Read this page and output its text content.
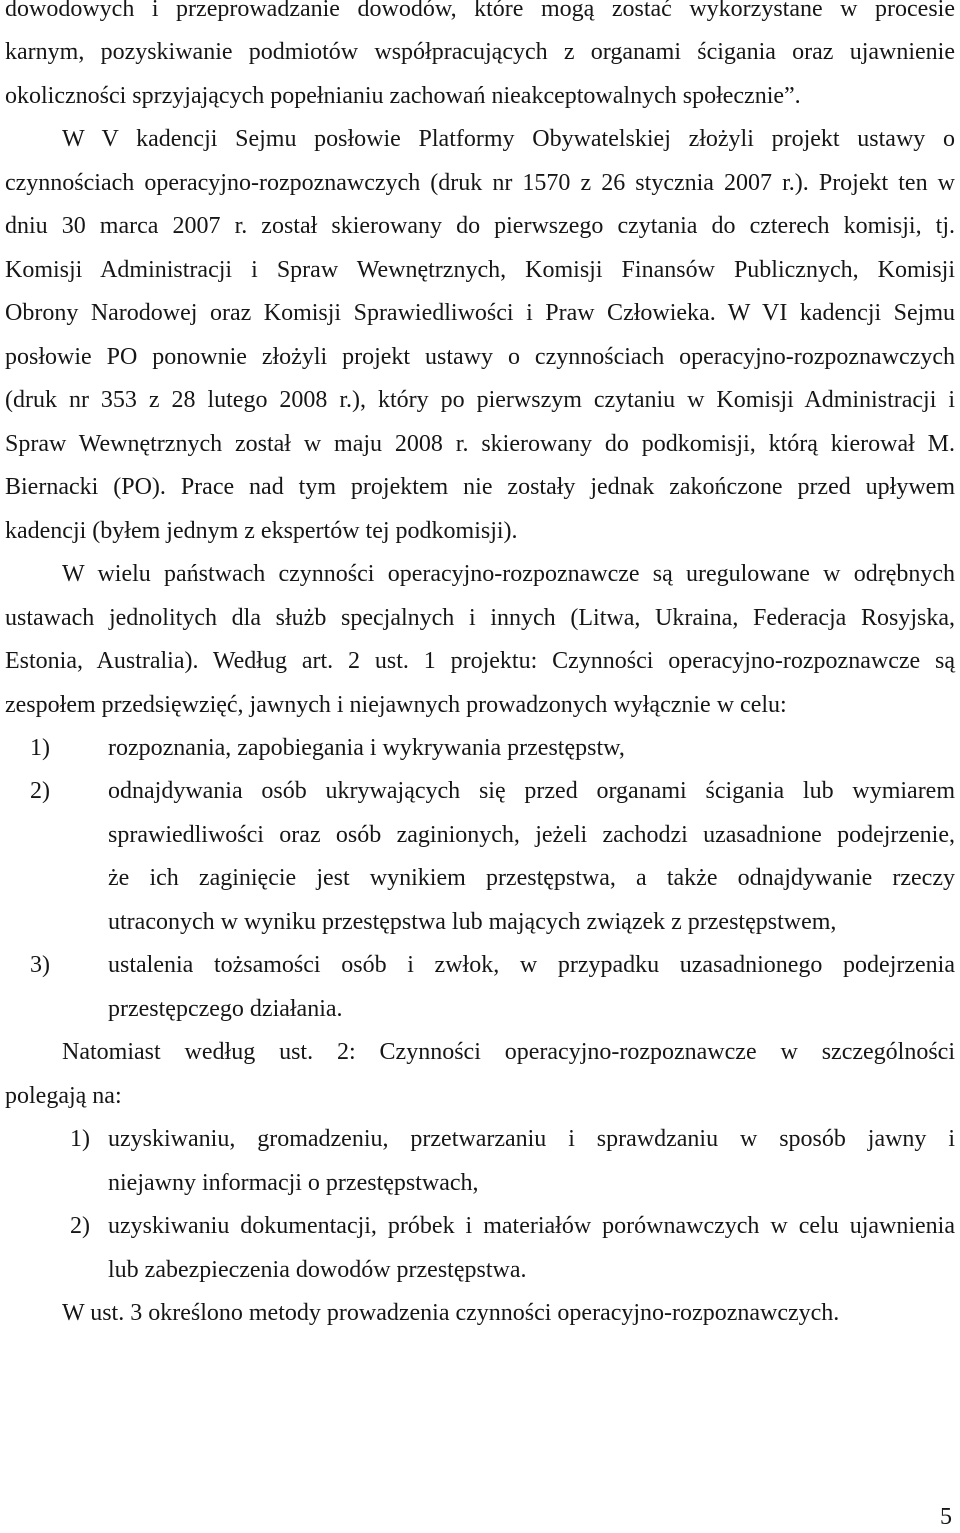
dowodowych i przeprowadzanie dowodów, które mogą zostać wykorzystane w procesie
karnym, pozyskiwanie podmiotów współpracujących z organami ścigania oraz ujawnienie
okoliczności sprzyjających popełnianiu zachowań nieakceptowalnych społecznie”.
W V kadencji Sejmu posłowie Platformy Obywatelskiej złożyli projekt ustawy o
czynnościach operacyjno-rozpoznawczych (druk nr 1570 z 26 stycznia 2007 r.). Projekt ten w
dniu 30 marca 2007 r. został skierowany do pierwszego czytania do czterech komisji, tj.
Komisji Administracji i Spraw Wewnętrznych, Komisji Finansów Publicznych, Komisji
Obrony Narodowej oraz Komisji Sprawiedliwości i Praw Człowieka. W VI kadencji Sejmu
posłowie PO ponownie złożyli projekt ustawy o czynnościach operacyjno-rozpoznawczych
(druk nr 353 z 28 lutego 2008 r.), który po pierwszym czytaniu w Komisji Administracji i
Spraw Wewnętrznych został w maju 2008 r. skierowany do podkomisji, którą kierował M.
Biernacki (PO). Prace nad tym projektem nie zostały jednak zakończone przed upływem
kadencji (byłem jednym z ekspertów tej podkomisji).
W wielu państwach czynności operacyjno-rozpoznawcze są uregulowane w odrębnych
ustawach jednolitych dla służb specjalnych i innych (Litwa, Ukraina, Federacja Rosyjska,
Estonia, Australia). Według art. 2 ust. 1 projektu: Czynności operacyjno-rozpoznawcze są
zespołem przedsięwzięć, jawnych i niejawnych prowadzonych wyłącznie w celu:
1) rozpoznania, zapobiegania i wykrywania przestępstw,
2) odnajdywania osób ukrywających się przed organami ścigania lub wymiarem
sprawiedliwości oraz osób zaginionych, jeżeli zachodzi uzasadnione podejrzenie,
że ich zaginięcie jest wynikiem przestępstwa, a także odnajdywanie rzeczy
utraconych w wyniku przestępstwa lub mających związek z przestępstwem,
3) ustalenia tożsamości osób i zwłok, w przypadku uzasadnionego podejrzenia
przestępczego działania.
Natomiast według ust. 2: Czynności operacyjno-rozpoznawcze w szczególności
polegają na:
1) uzyskiwaniu, gromadzeniu, przetwarzaniu i sprawdzaniu w sposób jawny i
niejawny informacji o przestępstwach,
2) uzyskiwaniu dokumentacji, próbek i materiałów porównawczych w celu ujawnienia
lub zabezpieczenia dowodów przestępstwa.
W ust. 3 określono metody prowadzenia czynności operacyjno-rozpoznawczych.
5
